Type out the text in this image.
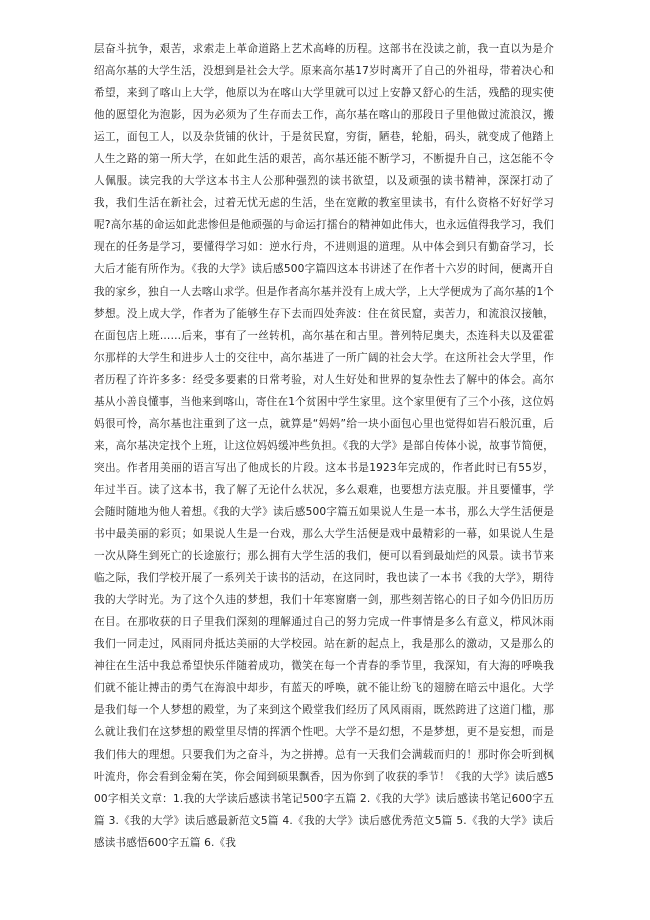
层奋斗抗争，艰苦，求索走上革命道路上艺术高峰的历程。这部书在没读之前，我一直以为是介绍高尔基的大学生活，没想到是社会大学。原来高尔基17岁时离开了自己的外祖母，带着决心和希望，来到了喀山上大学，他原以为在喀山大学里就可以过上安静又舒心的生活，残酷的现实使他的愿望化为泡影，因为必须为了生存而去工作，高尔基在喀山的那段日子里他做过流浪汉，搬运工，面包工人，以及杂货铺的伙计，于是贫民窟，穷街，陋巷，轮船，码头，就变成了他踏上人生之路的第一所大学，在如此生活的艰苦，高尔基还能不断学习，不断提升自己，这怎能不令人佩服。读完我的大学这本书主人公那种强烈的读书欲望，以及顽强的读书精神，深深打动了我，我们生活在新社会，过着无忧无虑的生活，坐在宽敞的教室里读书，有什么资格不好好学习呢?高尔基的命运如此悲惨但是他顽强的与命运打擂台的精神如此伟大，也永远值得我学习，我们现在的任务是学习，要懂得学习如：逆水行舟，不进则退的道理。从中体会到只有勤奋学习，长大后才能有所作为。《我的大学》读后感500字篇四这本书讲述了在作者十六岁的时间，便离开自我的家乡，独自一人去喀山求学。但是作者高尔基并没有上成大学，上大学便成为了高尔基的1个梦想。没上成大学，作者为了能够生存下去而四处奔波：住在贫民窟，卖苦力，和流浪汉接触，在面包店上班……后来，事有了一丝转机，高尔基在和古里。普列特尼奥夫，杰连科夫以及霍霍尔那样的大学生和进步人士的交往中，高尔基进了一所广阔的社会大学。在这所社会大学里，作者历程了许许多多：经受多要素的日常考验，对人生好处和世界的复杂性去了解中的体会。高尔基从小善良懂事，当他来到喀山，寄住在1个贫困中学生家里。这个家里便有了三个小孩，这位妈妈很可怜，高尔基也注重到了这一点，就算是“妈妈”给一块小面包心里也觉得如岩石般沉重，后来，高尔基决定找个上班，让这位妈妈缓冲些负担。《我的大学》是部自传体小说，故事节简便，突出。作者用美丽的语言写出了他成长的片段。这本书是1923年完成的，作者此时已有55岁，年过半百。读了这本书，我了解了无论什么状况，多么艰难，也要想方法克服。并且要懂事，学会随时随地为他人着想。《我的大学》读后感500字篇五如果说人生是一本书，那么大学生活便是书中最美丽的彩页；如果说人生是一台戏，那么大学生活便是戏中最精彩的一幕，如果说人生是一次从降生到死亡的长途旅行；那么拥有大学生活的我们，便可以看到最灿烂的风景。读书节来临之际，我们学校开展了一系列关于读书的活动，在这同时，我也读了一本书《我的大学》，期待我的大学时光。为了这个久违的梦想，我们十年寒窗磨一剑，那些刻苦铭心的日子如今仍旧历历在目。在那收获的日子里我们深刻的理解通过自己的努力完成一件事情是多么有意义，栉风沐雨我们一同走过，风雨同舟抵达美丽的大学校园。站在新的起点上，我是那么的激动，又是那么的神往在生活中我总希望快乐伴随着成功，微笑在每一个青春的季节里，我深知，有大海的呼唤我们就不能让搏击的勇气在海浪中却步，有蓝天的呼唤，就不能让纷飞的翅膀在暗云中退化。大学是我们每一个人梦想的殿堂，为了来到这个殿堂我们经历了风风雨雨，既然跨进了这道门槛，那么就让我们在这梦想的殿堂里尽情的挥洒个性吧。大学不是幻想，不是梦想，更不是妄想，而是我们伟大的理想。只要我们为之奋斗，为之拼搏。总有一天我们会满载而归的！那时你会听到枫叶流舟，你会看到金菊在笑，你会闻到硕果飘香，因为你到了收获的季节！《我的大学》读后感500字相关文章：1.我的大学读后感读书笔记500字五篇 2.《我的大学》读后感读书笔记600字五篇 3.《我的大学》读后感最新范文5篇 4.《我的大学》读后感优秀范文5篇 5.《我的大学》读后感读书感悟600字五篇 6.《我
